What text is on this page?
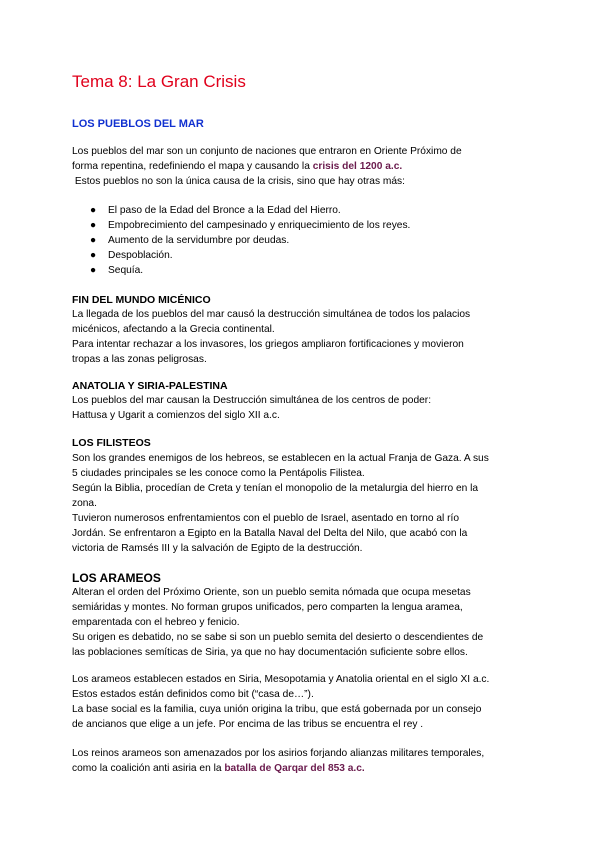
Tema 8: La Gran Crisis
LOS PUEBLOS DEL MAR
Los pueblos del mar son un conjunto de naciones que entraron en Oriente Próximo de
forma repentina, redefiniendo el mapa y causando la crisis del 1200 a.c.
Estos pueblos no son la única causa de la crisis, sino que hay otras más:
● El paso de la Edad del Bronce a la Edad del Hierro.
● Empobrecimiento del campesinado y enriquecimiento de los reyes.
● Aumento de la servidumbre por deudas.
● Despoblación.
● Sequía.
FIN DEL MUNDO MICÉNICO
La llegada de los pueblos del mar causó la destrucción simultánea de todos los palacios
micénicos, afectando a la Grecia continental.
Para intentar rechazar a los invasores, los griegos ampliaron fortificaciones y movieron
tropas a las zonas peligrosas.
ANATOLIA Y SIRIA-PALESTINA
Los pueblos del mar causan la Destrucción simultánea de los centros de poder:
Hattusa y Ugarit a comienzos del siglo XII a.c.
LOS FILISTEOS
Son los grandes enemigos de los hebreos, se establecen en la actual Franja de Gaza. A sus
5 ciudades principales se les conoce como la Pentápolis Filistea.
Según la Biblia, procedían de Creta y tenían el monopolio de la metalurgia del hierro en la
zona.
Tuvieron numerosos enfrentamientos con el pueblo de Israel, asentado en torno al río
Jordán. Se enfrentaron a Egipto en la Batalla Naval del Delta del Nilo, que acabó con la
victoria de Ramsés III y la salvación de Egipto de la destrucción.
LOS ARAMEOS
Alteran el orden del Próximo Oriente, son un pueblo semita nómada que ocupa mesetas
semiáridas y montes. No forman grupos unificados, pero comparten la lengua aramea,
emparentada con el hebreo y fenicio.
Su origen es debatido, no se sabe si son un pueblo semita del desierto o descendientes de
las poblaciones semíticas de Siria, ya que no hay documentación suficiente sobre ellos.
Los arameos establecen estados en Siria, Mesopotamia y Anatolia oriental en el siglo XI a.c.
Estos estados están definidos como bit (“casa de…”).
La base social es la familia, cuya unión origina la tribu, que está gobernada por un consejo
de ancianos que elige a un jefe. Por encima de las tribus se encuentra el rey .
Los reinos arameos son amenazados por los asirios forjando alianzas militares temporales,
como la coalición anti asiria en la batalla de Qarqar del 853 a.c.
